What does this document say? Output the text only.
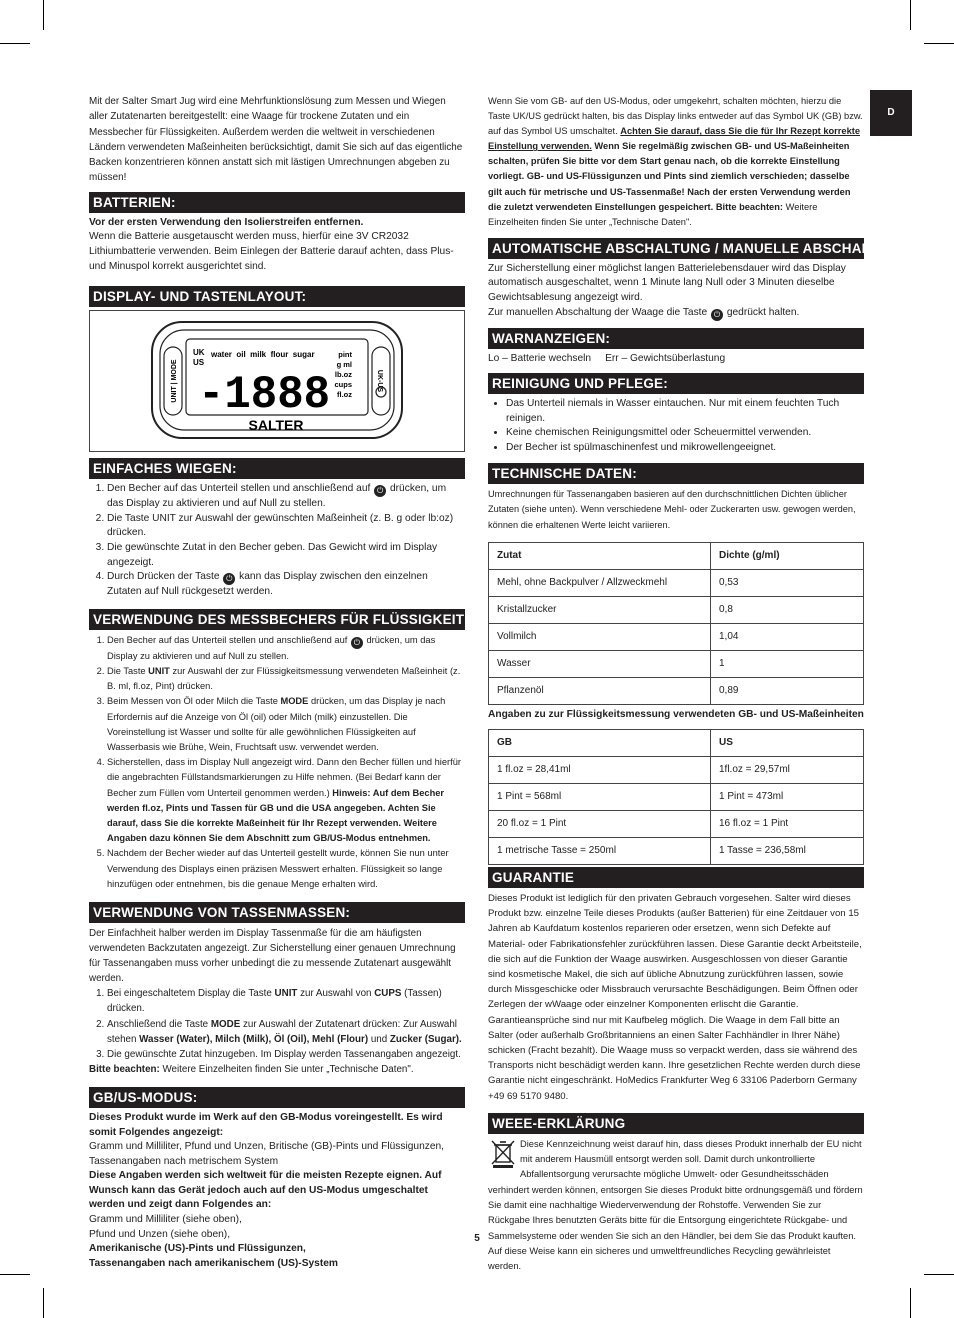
D

Mit der Salter Smart Jug wird eine Mehrfunktionslösung zum Messen und Wiegen aller Zutatenarten bereitgestellt: eine Waage für trockene Zutaten und ein Messbecher für Flüssigkeiten. Außerdem werden die weltweit in verschiedenen Ländern verwendeten Maßeinheiten berücksichtigt, damit Sie sich auf das eigentliche Backen konzentrieren können anstatt sich mit lästigen Umrechnungen abgeben zu müssen!

BATTERIEN:

Vor der ersten Verwendung den Isolierstreifen entfernen.

Wenn die Batterie ausgetauscht werden muss, hierfür eine 3V CR2032 Lithiumbatterie verwenden. Beim Einlegen der Batterie darauf achten, dass Plus- und Minuspol korrekt ausgerichtet sind.

DISPLAY- UND TASTENLAYOUT:
UNIT | MODE	UK-US
UK
US
water  oil  milk  flour  sugar
-1888
pint
g ml
lb.oz
cups
fl.oz
SALTER
EINFACHES WIEGEN:
1. Den Becher auf das Unterteil stellen und anschließend auf ⏻ drücken, um das Display zu aktivieren und auf Null zu stellen.
2. Die Taste UNIT zur Auswahl der gewünschten Maßeinheit (z. B. g oder lb:oz) drücken.
3. Die gewünschte Zutat in den Becher geben. Das Gewicht wird im Display angezeigt.
4. Durch Drücken der Taste ⏻ kann das Display zwischen den einzelnen Zutaten auf Null rückgesetzt werden.
VERWENDUNG DES MESSBECHERS FÜR FLÜSSIGKEITEN:
1. Den Becher auf das Unterteil stellen und anschließend auf ⏻ drücken, um das Display zu aktivieren und auf Null zu stellen.
2. Die Taste UNIT zur Auswahl der zur Flüssigkeitsmessung verwendeten Maßeinheit (z. B. ml, fl.oz, Pint) drücken.
3. Beim Messen von Öl oder Milch die Taste MODE drücken, um das Display je nach Erfordernis auf die Anzeige von Öl (oil) oder Milch (milk) einzustellen. Die Voreinstellung ist Wasser und sollte für alle gewöhnlichen Flüssigkeiten auf Wasserbasis wie Brühe, Wein, Fruchtsaft usw. verwendet werden.
4. Sicherstellen, dass im Display Null angezeigt wird. Dann den Becher füllen und hierfür die angebrachten Füllstandsmarkierungen zu Hilfe nehmen. (Bei Bedarf kann der Becher zum Füllen vom Unterteil genommen werden.) Hinweis: Auf dem Becher werden fl.oz, Pints und Tassen für GB und die USA angegeben. Achten Sie darauf, dass Sie die korrekte Maßeinheit für Ihr Rezept verwenden. Weitere Angaben dazu können Sie dem Abschnitt zum GB/US-Modus entnehmen.
5. Nachdem der Becher wieder auf das Unterteil gestellt wurde, können Sie nun unter Verwendung des Displays einen präzisen Messwert erhalten. Flüssigkeit so lange hinzufügen oder entnehmen, bis die genaue Menge erhalten wird.
VERWENDUNG VON TASSENMASSEN:

Der Einfachheit halber werden im Display Tassenmaße für die am häufigsten verwendeten Backzutaten angezeigt. Zur Sicherstellung einer genauen Umrechnung für Tassenangaben muss vorher unbedingt die zu messende Zutatenart ausgewählt werden.

1. Bei eingeschaltetem Display die Taste UNIT zur Auswahl von CUPS (Tassen) drücken.
2. Anschließend die Taste MODE zur Auswahl der Zutatenart drücken: Zur Auswahl stehen Wasser (Water), Milch (Milk), Öl (Oil), Mehl (Flour) und Zucker (Sugar).
3. Die gewünschte Zutat hinzugeben. Im Display werden Tassenangaben angezeigt.

Bitte beachten: Weitere Einzelheiten finden Sie unter „Technische Daten".

GB/US-MODUS:

Dieses Produkt wurde im Werk auf den GB-Modus voreingestellt. Es wird somit Folgendes angezeigt:

Gramm und Milliliter, Pfund und Unzen, Britische (GB)-Pints und Flüssigunzen, Tassenangaben nach metrischem System

Diese Angaben werden sich weltweit für die meisten Rezepte eignen. Auf Wunsch kann das Gerät jedoch auch auf den US-Modus umgeschaltet werden und zeigt dann Folgendes an:

Gramm und Milliliter (siehe oben),

Pfund und Unzen (siehe oben),

Amerikanische (US)-Pints und Flüssigunzen,

Tassenangaben nach amerikanischem (US)-System

Wenn Sie vom GB- auf den US-Modus, oder umgekehrt, schalten möchten, hierzu die Taste UK/US gedrückt halten, bis das Display links entweder auf das Symbol UK (GB) bzw. auf das Symbol US umschaltet. Achten Sie darauf, dass Sie die für Ihr Rezept korrekte Einstellung verwenden. Wenn Sie regelmäßig zwischen GB- und US-Maßeinheiten schalten, prüfen Sie bitte vor dem Start genau nach, ob die korrekte Einstellung vorliegt. GB- und US-Flüssigunzen und Pints sind ziemlich verschieden; dasselbe gilt auch für metrische und US-Tassenmaße! Nach der ersten Verwendung werden die zuletzt verwendeten Einstellungen gespeichert. Bitte beachten: Weitere Einzelheiten finden Sie unter „Technische Daten".

AUTOMATISCHE ABSCHALTUNG / MANUELLE ABSCHALTUNG:

Zur Sicherstellung einer möglichst langen Batterielebensdauer wird das Display automatisch ausgeschaltet, wenn 1 Minute lang Null oder 3 Minuten dieselbe Gewichtsablesung angezeigt wird.

Zur manuellen Abschaltung der Waage die Taste ⏻ gedrückt halten.

WARNANZEIGEN:

Lo – Batterie wechseln Err – Gewichtsüberlastung

REINIGUNG UND PFLEGE:
• Das Unterteil niemals in Wasser eintauchen. Nur mit einem feuchten Tuch reinigen.
• Keine chemischen Reinigungsmittel oder Scheuermittel verwenden.
• Der Becher ist spülmaschinenfest und mikrowellengeeignet.
TECHNISCHE DATEN:

Umrechnungen für Tassenangaben basieren auf den durchschnittlichen Dichten üblicher Zutaten (siehe unten). Wenn verschiedene Mehl- oder Zuckerarten usw. gewogen werden, können die erhaltenen Werte leicht variieren.

Zutat	Dichte (g/ml)
Mehl, ohne Backpulver / Allzweckmehl	0,53
Kristallzucker	0,8
Vollmilch	1,04
Wasser	1
Pflanzenöl	0,89

Angaben zu zur Flüssigkeitsmessung verwendeten GB- und US-Maßeinheiten

GB	US
1 fl.oz = 28,41ml	1fl.oz = 29,57ml
1 Pint = 568ml	1 Pint = 473ml
20 fl.oz = 1 Pint	16 fl.oz = 1 Pint
1 metrische Tasse = 250ml	1 Tasse = 236,58ml
GUARANTIE

Dieses Produkt ist lediglich für den privaten Gebrauch vorgesehen. Salter wird dieses Produkt bzw. einzelne Teile dieses Produkts (außer Batterien) für eine Zeitdauer von 15 Jahren ab Kaufdatum kostenlos reparieren oder ersetzen, wenn sich Defekte auf Material- oder Fabrikationsfehler zurückführen lassen. Diese Garantie deckt Arbeitsteile, die sich auf die Funktion der Waage auswirken. Ausgeschlossen von dieser Garantie sind kosmetische Makel, die sich auf übliche Abnutzung zurückführen lassen, sowie durch Missgeschicke oder Missbrauch verursachte Beschädigungen. Beim Öffnen oder Zerlegen der wWaage oder einzelner Komponenten erlischt die Garantie. Garantieansprüche sind nur mit Kaufbeleg möglich. Die Waage in dem Fall bitte an Salter (oder außerhalb Großbritanniens an einen Salter Fachhändler in Ihrer Nähe) schicken (Fracht bezahlt). Die Waage muss so verpackt werden, dass sie während des Transports nicht beschädigt werden kann. Ihre gesetzlichen Rechte werden durch diese Garantie nicht eingeschränkt. HoMedics Frankfurter Weg 6 33106 Paderborn Germany +49 69 5170 9480.

WEEE-ERKLÄRUNG
Diese Kennzeichnung weist darauf hin, dass dieses Produkt innerhalb der EU nicht mit anderem Hausmüll entsorgt werden soll. Damit durch unkontrollierte Abfallentsorgung verursachte mögliche Umwelt- oder Gesundheitsschäden verhindert werden können, entsorgen Sie dieses Produkt bitte ordnungsgemäß und fördern Sie damit eine nachhaltige Wiederverwendung der Rohstoffe. Verwenden Sie zur Rückgabe Ihres benutzten Geräts bitte für die Entsorgung eingerichtete Rückgabe- und Sammelsysteme oder wenden Sie sich an den Händler, bei dem Sie das Produkt kauften. Auf diese Weise kann ein sicheres und umweltfreundliches Recycling gewährleistet werden.
5
